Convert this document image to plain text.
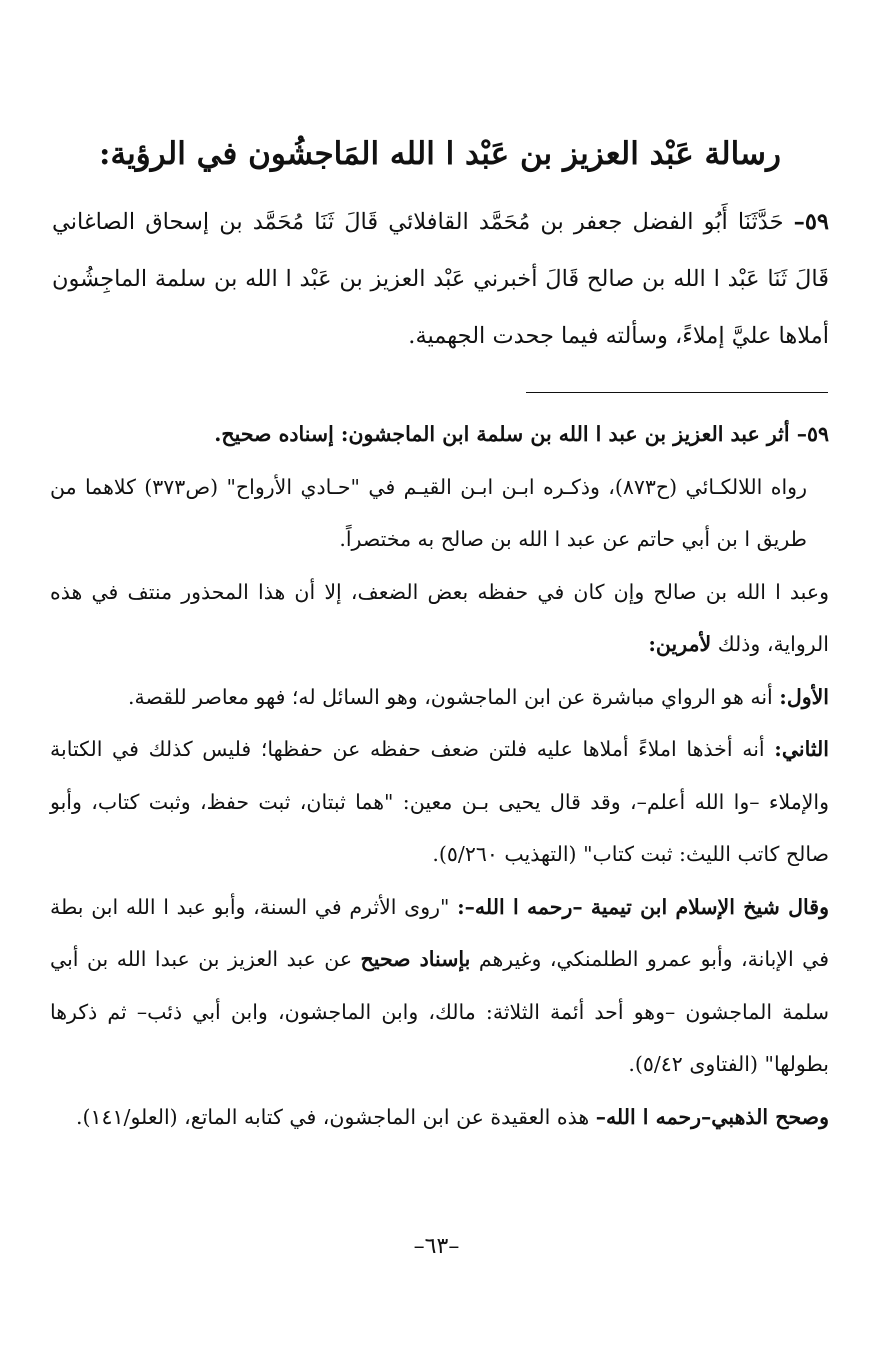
رسالة عَبْد العزيز بن عَبْد ا الله المَاجشُون في الرؤية:

٥٩– حَدَّثَنَا أَبُو الفضل جعفر بن مُحَمَّد القافلائي قَالَ ثَنَا مُحَمَّد بن إسحاق الصاغاني قَالَ ثَنَا عَبْد ا الله بن صالح قَالَ أخبرني عَبْد العزيز بن عَبْد ا الله بن سلمة الماجِشُون أملاها عليَّ إملاءً، وسألته فيما جحدت الجهمية.

٥٩– أثر عبد العزيز بن عبد ا الله بن سلمة ابن الماجشون: إسناده صحيح.

رواه اللالكـائي (ح٨٧٣)، وذكـره ابـن ابـن القيـم في "حـادي الأرواح" (ص٣٧٣) كلاهما من طريق ا بن أبي حاتم عن عبد ا الله بن صالح به مختصراً.

وعبد ا الله بن صالح وإن كان في حفظه بعض الضعف، إلا أن هذا المحذور منتف في هذه الرواية، وذلك لأمرين:

الأول: أنه هو الرواي مباشرة عن ابن الماجشون، وهو السائل له؛ فهو معاصر للقصة.

الثاني: أنه أخذها املاءً أملاها عليه فلتن ضعف حفظه عن حفظها؛ فليس كذلك في الكتابة والإملاء –وا الله أعلم–، وقد قال يحيى بـن معين: "هما ثبتان، ثبت حفظ، وثبت كتاب، وأبو صالح كاتب الليث: ثبت كتاب" (التهذيب ٥/٢٦٠).

وقال شيخ الإسلام ابن تيمية –رحمه ا الله–: "روى الأثرم في السنة، وأبو عبد ا الله ابن بطة في الإبانة، وأبو عمرو الطلمنكي، وغيرهم بإسناد صحيح عن عبد العزيز بن عبدا الله بن أبي سلمة الماجشون –وهو أحد أئمة الثلاثة: مالك، وابن الماجشون، وابن أبي ذئب– ثم ذكرها بطولها" (الفتاوى ٥/٤٢).

وصحح الذهبي–رحمه ا الله– هذه العقيدة عن ابن الماجشون، في كتابه الماتع، (العلو/١٤١).

–٦٣–
